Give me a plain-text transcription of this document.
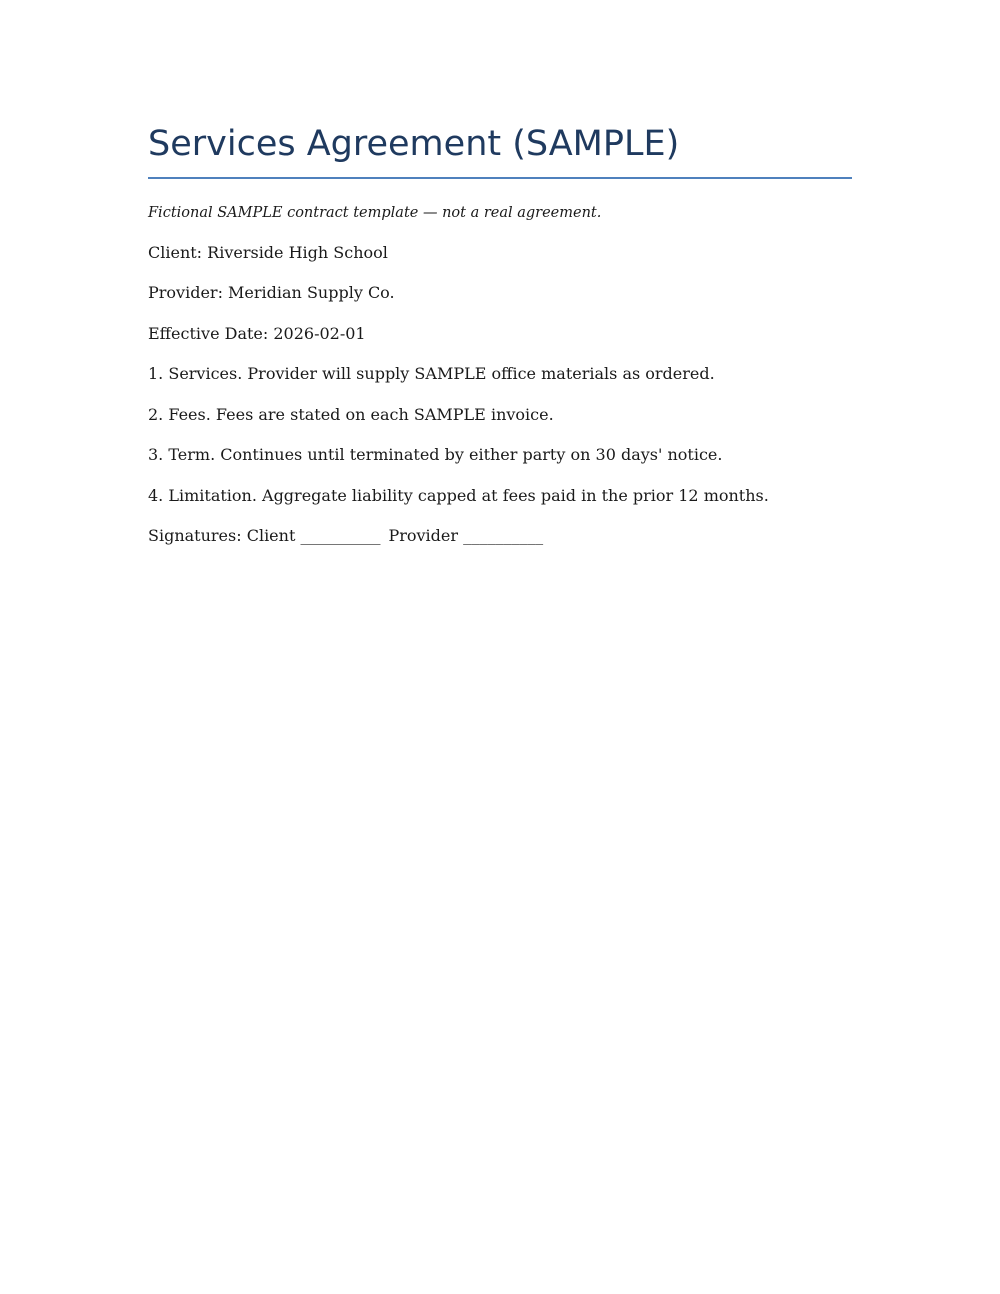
Services Agreement (SAMPLE)
Fictional SAMPLE contract template — not a real agreement.
Client: Riverside High School
Provider: Meridian Supply Co.
Effective Date: 2026-02-01
1. Services. Provider will supply SAMPLE office materials as ordered.
2. Fees. Fees are stated on each SAMPLE invoice.
3. Term. Continues until terminated by either party on 30 days' notice.
4. Limitation. Aggregate liability capped at fees paid in the prior 12 months.
Signatures: Client __________ Provider __________
